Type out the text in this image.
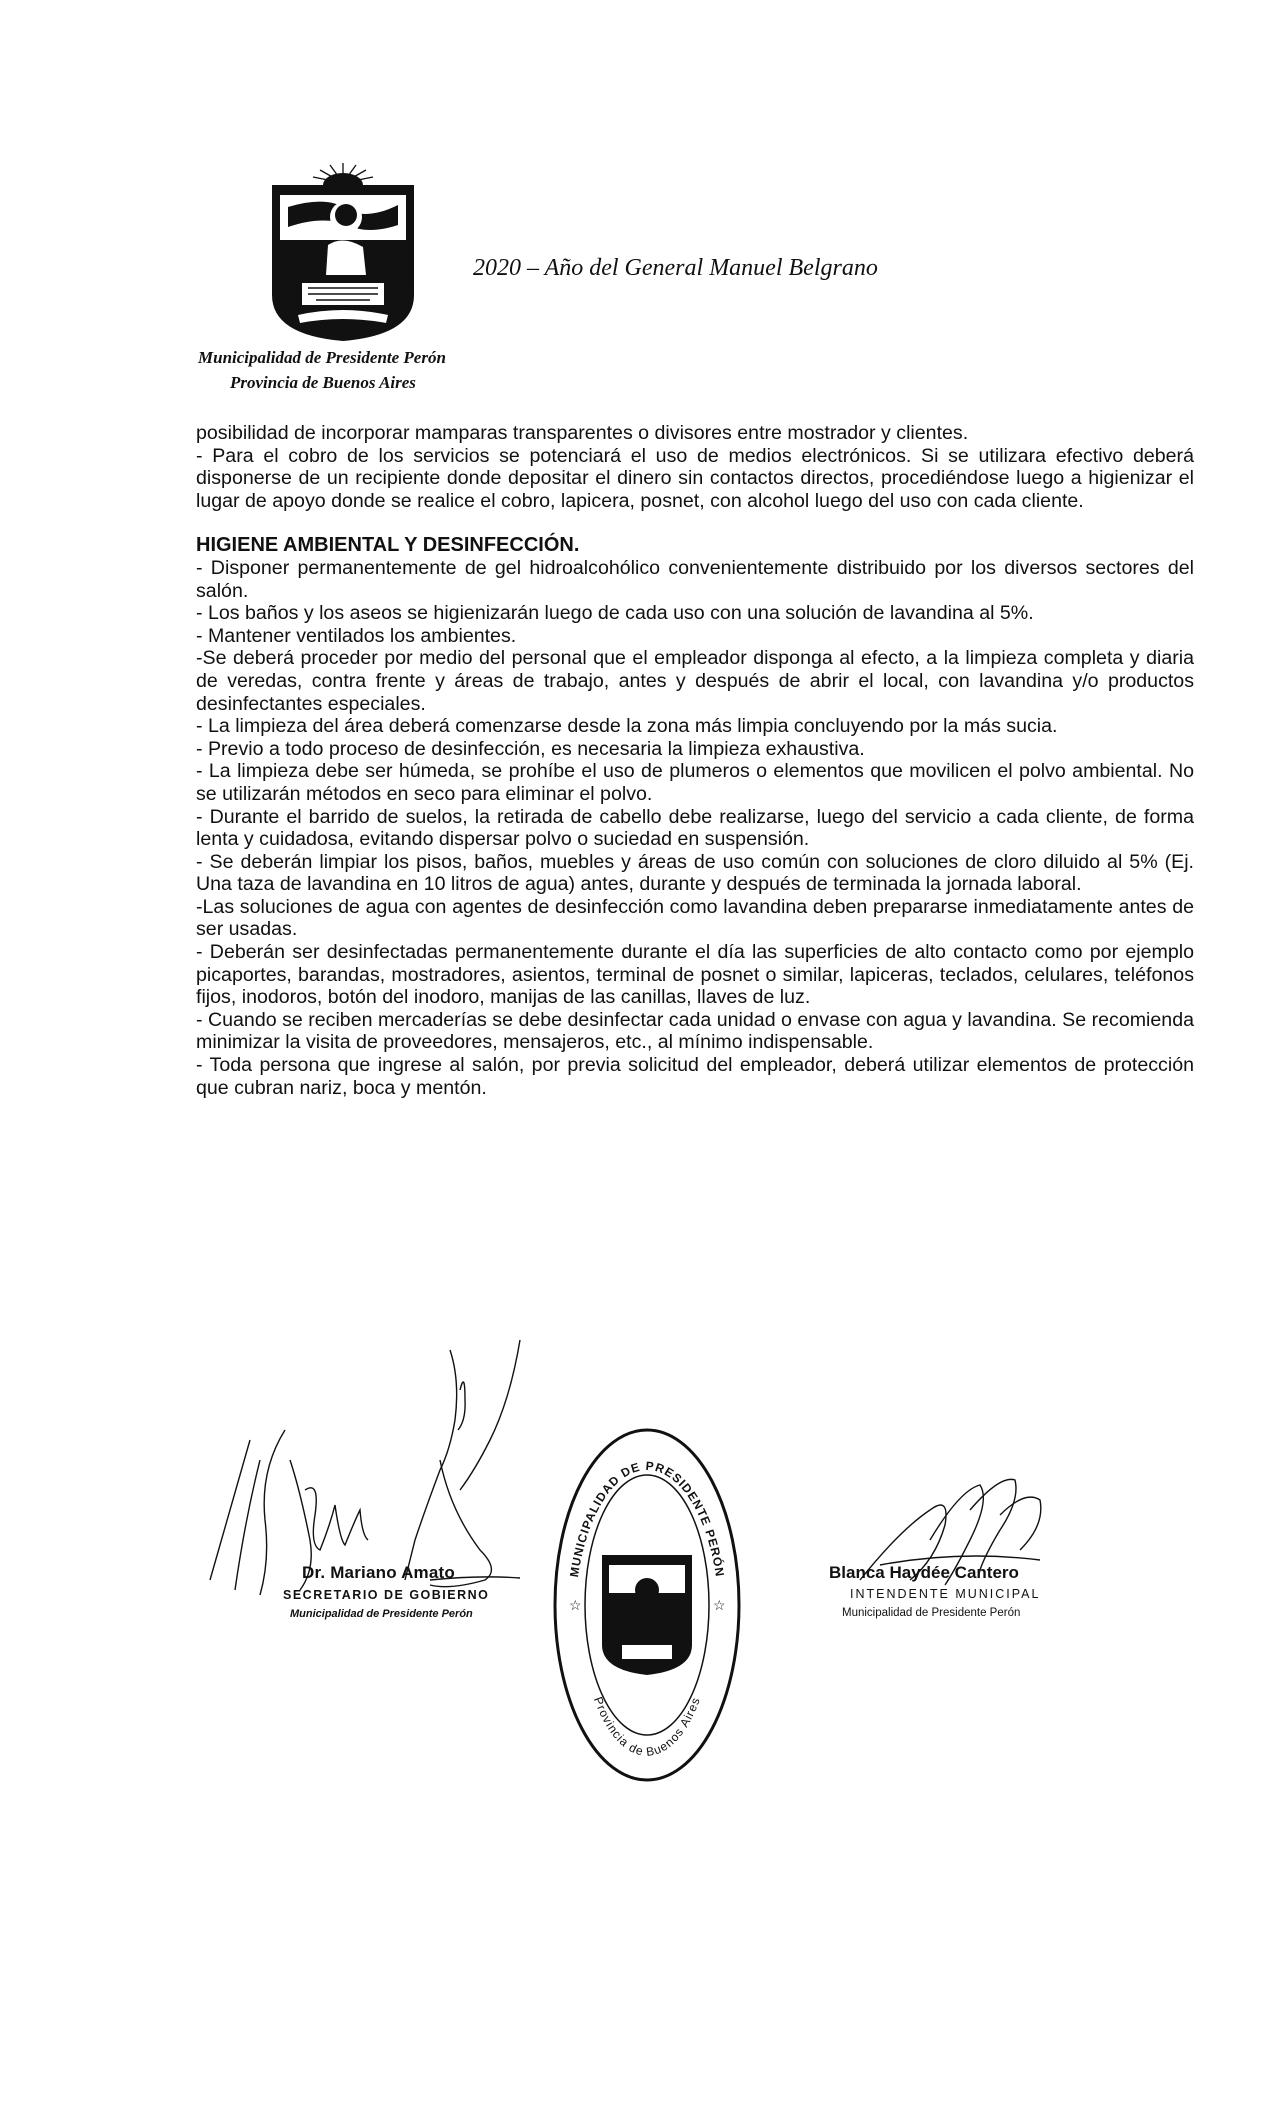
2020 – Año del General Manuel Belgrano
Municipalidad de Presidente Perón
Provincia de Buenos Aires

posibilidad de incorporar mamparas transparentes o divisores entre mostrador y clientes.

- Para el cobro de los servicios se potenciará el uso de medios electrónicos. Si se utilizara efectivo deberá disponerse de un recipiente donde depositar el dinero sin contactos directos, procediéndose luego a higienizar el lugar de apoyo donde se realice el cobro, lapicera, posnet, con alcohol luego del uso con cada cliente.

HIGIENE AMBIENTAL Y DESINFECCIÓN.

- Disponer permanentemente de gel hidroalcohólico convenientemente distribuido por los diversos sectores del salón.

- Los baños y los aseos se higienizarán luego de cada uso con una solución de lavandina al 5%.

- Mantener ventilados los ambientes.

-Se deberá proceder por medio del personal que el empleador disponga al efecto, a la limpieza completa y diaria de veredas, contra frente y áreas de trabajo, antes y después de abrir el local, con lavandina y/o productos desinfectantes especiales.

- La limpieza del área deberá comenzarse desde la zona más limpia concluyendo por la más sucia.

- Previo a todo proceso de desinfección, es necesaria la limpieza exhaustiva.

- La limpieza debe ser húmeda, se prohíbe el uso de plumeros o elementos que movilicen el polvo ambiental. No se utilizarán métodos en seco para eliminar el polvo.

- Durante el barrido de suelos, la retirada de cabello debe realizarse, luego del servicio a cada cliente, de forma lenta y cuidadosa, evitando dispersar polvo o suciedad en suspensión.

- Se deberán limpiar los pisos, baños, muebles y áreas de uso común con soluciones de cloro diluido al 5% (Ej. Una taza de lavandina en 10 litros de agua) antes, durante y después de terminada la jornada laboral.

-Las soluciones de agua con agentes de desinfección como lavandina deben prepararse inmediatamente antes de ser usadas.

- Deberán ser desinfectadas permanentemente durante el día las superficies de alto contacto como por ejemplo picaportes, barandas, mostradores, asientos, terminal de posnet o similar, lapiceras, teclados, celulares, teléfonos fijos, inodoros, botón del inodoro, manijas de las canillas, llaves de luz.

- Cuando se reciben mercaderías se debe desinfectar cada unidad o envase con agua y lavandina. Se recomienda minimizar la visita de proveedores, mensajeros, etc., al mínimo indispensable.

- Toda persona que ingrese al salón, por previa solicitud del empleador, deberá utilizar elementos de protección que cubran nariz, boca y mentón.

Dr. Mariano Amato
SECRETARIO DE GOBIERNO
Municipalidad de Presidente Perón
MUNICIPALIDAD DE PRESIDENTE PERÓN
Provincia de Buenos Aires
☆	☆
Blanca Haydée Cantero
INTENDENTE MUNICIPAL
Municipalidad de Presidente Perón
